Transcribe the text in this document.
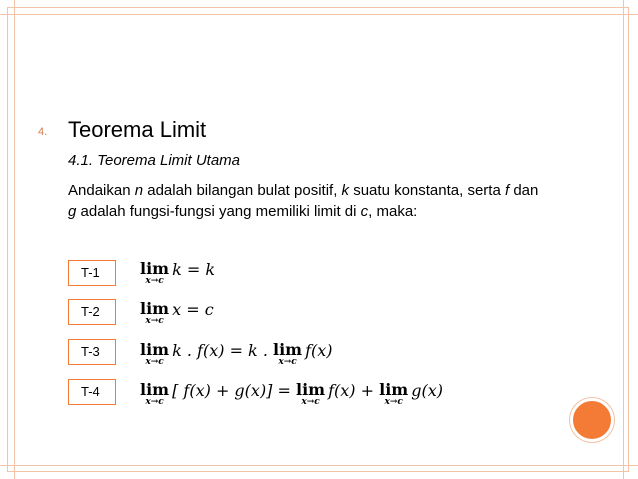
4. Teorema Limit
4.1. Teorema Limit Utama
Andaikan n adalah bilangan bulat positif, k suatu konstanta, serta f dan g adalah fungsi-fungsi yang memiliki limit di c, maka:
T-1
T-2
T-3
T-4
lim
x→c
k = k
lim
x→c
x = c
lim
x→c
k . f(x) = k . lim
x→c
f(x)
lim
x→c
[ f(x) + g(x)] = lim
x→c
f(x) + lim
x→c
g(x)
